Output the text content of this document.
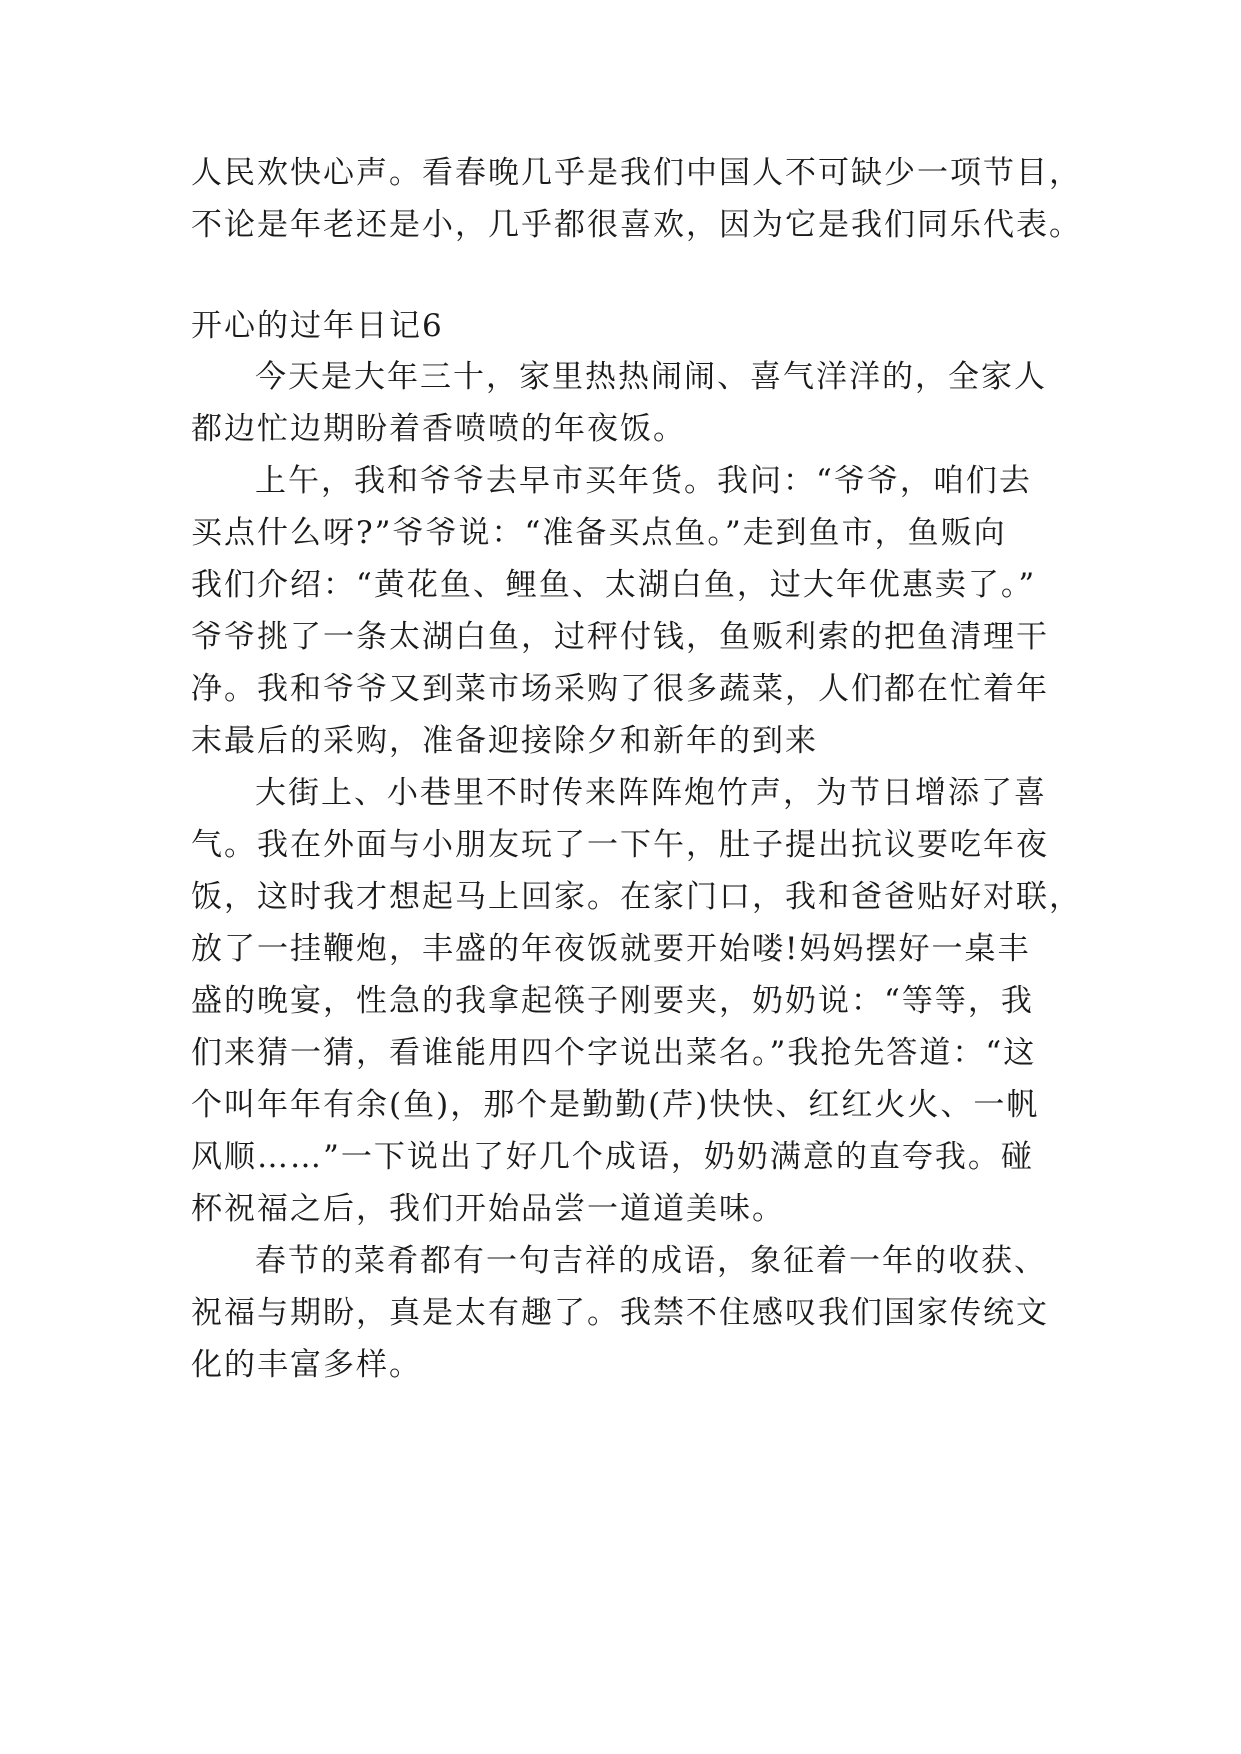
人民欢快心声。看春晚几乎是我们中国人不可缺少一项节目，
不论是年老还是小，几乎都很喜欢，因为它是我们同乐代表。
开心的过年日记6
今天是大年三十，家里热热闹闹、喜气洋洋的，全家人
都边忙边期盼着香喷喷的年夜饭。
上午，我和爷爷去早市买年货。我问：“爷爷，咱们去
买点什么呀?”爷爷说：“准备买点鱼。”走到鱼市，鱼贩向
我们介绍：“黄花鱼、鲤鱼、太湖白鱼，过大年优惠卖了。”
爷爷挑了一条太湖白鱼，过秤付钱，鱼贩利索的把鱼清理干
净。我和爷爷又到菜市场采购了很多蔬菜，人们都在忙着年
末最后的采购，准备迎接除夕和新年的到来
大街上、小巷里不时传来阵阵炮竹声，为节日增添了喜
气。我在外面与小朋友玩了一下午，肚子提出抗议要吃年夜
饭，这时我才想起马上回家。在家门口，我和爸爸贴好对联，
放了一挂鞭炮，丰盛的年夜饭就要开始喽!妈妈摆好一桌丰
盛的晚宴，性急的我拿起筷子刚要夹，奶奶说：“等等，我
们来猜一猜，看谁能用四个字说出菜名。”我抢先答道：“这
个叫年年有余(鱼)，那个是勤勤(芹)快快、红红火火、一帆
风顺……”一下说出了好几个成语，奶奶满意的直夸我。碰
杯祝福之后，我们开始品尝一道道美味。
春节的菜肴都有一句吉祥的成语，象征着一年的收获、
祝福与期盼，真是太有趣了。我禁不住感叹我们国家传统文
化的丰富多样。
